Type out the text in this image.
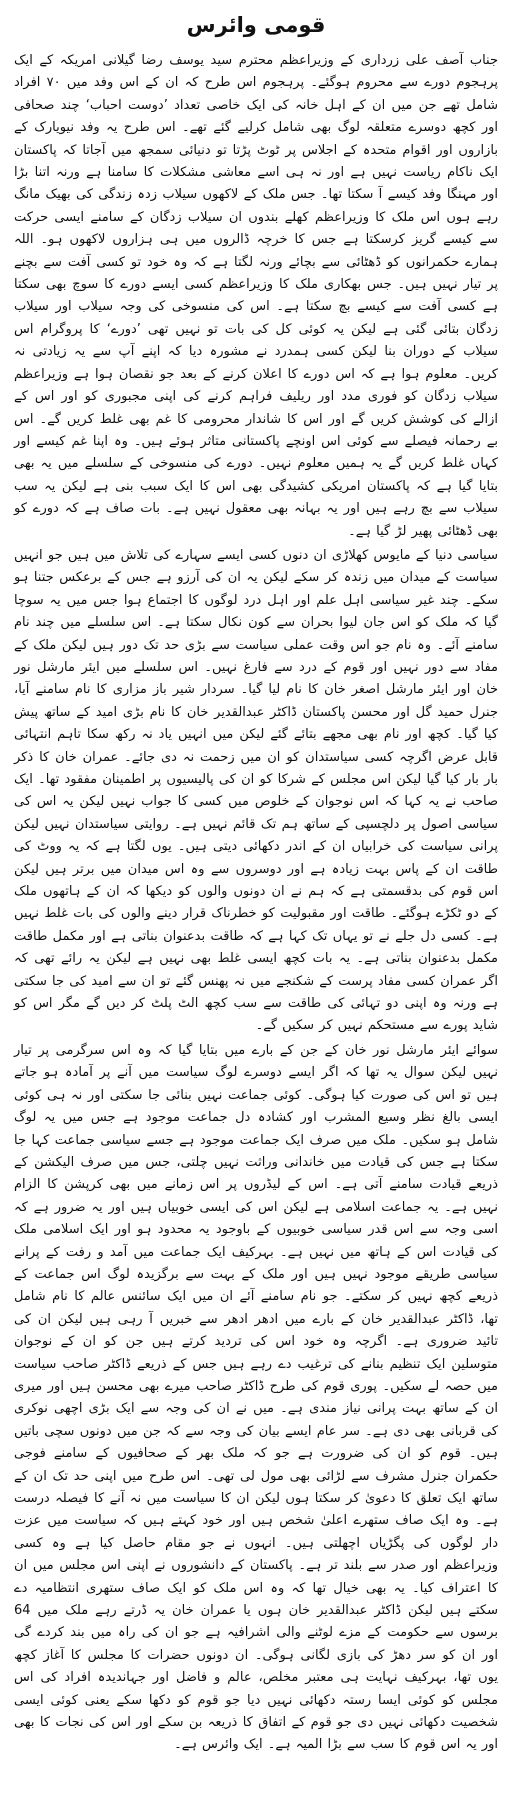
قومی وائرس

جناب آصف علی زرداری کے وزیراعظم محترم سید یوسف رضا گیلانی امریکہ کے ایک پرہجوم دورے سے محروم ہوگئے۔ پرہجوم اس طرح کہ ان کے اس وفد میں ۷۰ افراد شامل تھے جن میں ان کے اہل خانہ کی ایک خاصی تعداد ’دوست احباب‘ چند صحافی اور کچھ دوسرے متعلقہ لوگ بھی شامل کرلیے گئے تھے۔ اس طرح یہ وفد نیویارک کے بازاروں اور اقوام متحدہ کے اجلاس پر ٹوٹ پڑتا تو دنیائی سمجھ میں آجاتا کہ پاکستان ایک ناکام ریاست نہیں ہے اور نہ ہی اسے معاشی مشکلات کا سامنا ہے ورنہ اتنا بڑا اور مہنگا وفد کیسے آ سکتا تھا۔ جس ملک کے لاکھوں سیلاب زدہ زندگی کی بھیک مانگ رہے ہوں اس ملک کا وزیراعظم کھلے بندوں ان سیلاب زدگان کے سامنے ایسی حرکت سے کیسے گریز کرسکتا ہے جس کا خرچہ ڈالروں میں ہی ہزاروں لاکھوں ہو۔ اللہ ہمارے حکمرانوں کو ڈھٹائی سے بچائے ورنہ لگتا ہے کہ وہ خود تو کسی آفت سے بچنے پر تیار نہیں ہیں۔ جس بھکاری ملک کا وزیراعظم کسی ایسے دورے کا سوچ بھی سکتا ہے کسی آفت سے کیسے بچ سکتا ہے۔ اس کی منسوخی کی وجہ سیلاب اور سیلاب زدگان بتائی گئی ہے لیکن یہ کوئی کل کی بات تو نہیں تھی ’دورے‘ کا پروگرام اس سیلاب کے دوران بنا لیکن کسی ہمدرد نے مشورہ دیا کہ اپنے آپ سے یہ زیادتی نہ کریں۔ معلوم ہوا ہے کہ اس دورے کا اعلان کرنے کے بعد جو نقصان ہوا ہے وزیراعظم سیلاب زدگان کو فوری مدد اور ریلیف فراہم کرنے کی اپنی مجبوری کو اور اس کے ازالے کی کوشش کریں گے اور اس کا شاندار محرومی کا غم بھی غلط کریں گے۔ اس بے رحمانہ فیصلے سے کوئی اس اونچے پاکستانی متاثر ہوئے ہیں۔ وہ اپنا غم کیسے اور کہاں غلط کریں گے یہ ہمیں معلوم نہیں۔ دورے کی منسوخی کے سلسلے میں یہ بھی بتایا گیا ہے کہ پاکستان امریکی کشیدگی بھی اس کا ایک سبب بنی ہے لیکن یہ سب سیلاب سے بچ رہے ہیں اور یہ بہانہ بھی معقول نہیں ہے۔ بات صاف ہے کہ دورے کو بھی ڈھٹائی پھیر لڑ گیا ہے۔

سیاسی دنیا کے مایوس کھلاڑی ان دنوں کسی ایسے سہارے کی تلاش میں ہیں جو انہیں سیاست کے میدان میں زندہ کر سکے لیکن یہ ان کی آرزو ہے جس کے برعکس جتنا ہو سکے۔ چند غیر سیاسی اہل علم اور اہل درد لوگوں کا اجتماع ہوا جس میں یہ سوچا گیا کہ ملک کو اس جان لیوا بحران سے کون نکال سکتا ہے۔ اس سلسلے میں چند نام سامنے آئے۔ وہ نام جو اس وقت عملی سیاست سے بڑی حد تک دور ہیں لیکن ملک کے مفاد سے دور نہیں اور قوم کے درد سے فارغ نہیں۔ اس سلسلے میں ایئر مارشل نور خان اور ایئر مارشل اصغر خان کا نام لیا گیا۔ سردار شیر باز مزاری کا نام سامنے آیا، جنرل حمید گل اور محسن پاکستان ڈاکٹر عبدالقدیر خان کا نام بڑی امید کے ساتھ پیش کیا گیا۔ کچھ اور نام بھی مجھے بتائے گئے لیکن میں انہیں یاد نہ رکھ سکا تاہم انتہائی قابل عرض اگرچہ کسی سیاستدان کو ان میں زحمت نہ دی جائے۔ عمران خان کا ذکر بار بار کیا گیا لیکن اس مجلس کے شرکا کو ان کی پالیسیوں پر اطمینان مفقود تھا۔ ایک صاحب نے یہ کہا کہ اس نوجوان کے خلوص میں کسی کا جواب نہیں لیکن یہ اس کی سیاسی اصول پر دلچسپی کے ساتھ ہم تک قائم نہیں ہے۔ روایتی سیاستدان نہیں لیکن پرانی سیاست کی خرابیاں ان کے اندر دکھائی دیتی ہیں۔ یوں لگتا ہے کہ یہ ووٹ کی طاقت ان کے پاس بہت زیادہ ہے اور دوسروں سے وہ اس میدان میں برتر ہیں لیکن اس قوم کی بدقسمتی ہے کہ ہم نے ان دونوں والوں کو دیکھا کہ ان کے ہاتھوں ملک کے دو ٹکڑے ہوگئے۔ طاقت اور مقبولیت کو خطرناک قرار دینے والوں کی بات غلط نہیں ہے۔ کسی دل جلے نے تو یہاں تک کہا ہے کہ طاقت بدعنوان بناتی ہے اور مکمل طاقت مکمل بدعنوان بناتی ہے۔ یہ بات کچھ ایسی غلط بھی نہیں ہے لیکن یہ رائے تھی کہ اگر عمران کسی مفاد پرست کے شکنجے میں نہ پھنس گئے تو ان سے امید کی جا سکتی ہے ورنہ وہ اپنی دو تہائی کی طاقت سے سب کچھ الٹ پلٹ کر دیں گے مگر اس کو شاید پورے سے مستحکم نہیں کر سکیں گے۔

سوائے ایئر مارشل نور خان کے جن کے بارے میں بتایا گیا کہ وہ اس سرگرمی پر تیار نہیں لیکن سوال یہ تھا کہ اگر ایسے دوسرے لوگ سیاست میں آنے پر آمادہ ہو جاتے ہیں تو اس کی صورت کیا ہوگی۔ کوئی جماعت نہیں بنائی جا سکتی اور نہ ہی کوئی ایسی بالغ نظر وسیع المشرب اور کشادہ دل جماعت موجود ہے جس میں یہ لوگ شامل ہو سکیں۔ ملک میں صرف ایک جماعت موجود ہے جسے سیاسی جماعت کہا جا سکتا ہے جس کی قیادت میں خاندانی وراثت نہیں چلتی، جس میں صرف الیکشن کے ذریعے قیادت سامنے آتی ہے۔ اس کے لیڈروں پر اس زمانے میں بھی کرپشن کا الزام نہیں ہے۔ یہ جماعت اسلامی ہے لیکن اس کی ایسی خوبیاں ہیں اور یہ ضرور ہے کہ اسی وجہ سے اس قدر سیاسی خوبیوں کے باوجود یہ محدود ہو اور ایک اسلامی ملک کی قیادت اس کے ہاتھ میں نہیں ہے۔ بہرکیف ایک جماعت میں آمد و رفت کے پرانے سیاسی طریقے موجود نہیں ہیں اور ملک کے بہت سے برگزیدہ لوگ اس جماعت کے ذریعے کچھ نہیں کر سکتے۔ جو نام سامنے آئے ان میں ایک سائنس عالم کا نام شامل تھا، ڈاکٹر عبدالقدیر خان کے بارے میں ادھر ادھر سے خبریں آ رہی ہیں لیکن ان کی تائید ضروری ہے۔ اگرچہ وہ خود اس کی تردید کرتے ہیں جن کو ان کے نوجوان متوسلین ایک تنظیم بنانے کی ترغیب دے رہے ہیں جس کے ذریعے ڈاکٹر صاحب سیاست میں حصہ لے سکیں۔ پوری قوم کی طرح ڈاکٹر صاحب میرے بھی محسن ہیں اور میری ان کے ساتھ بہت پرانی نیاز مندی ہے۔ میں نے ان کی وجہ سے ایک بڑی اچھی نوکری کی قربانی بھی دی ہے۔ سر عام ایسے بیان کی وجہ سے کہ جن میں دونوں سچی باتیں ہیں۔ قوم کو ان کی ضرورت ہے جو کہ ملک بھر کے صحافیوں کے سامنے فوجی حکمران جنرل مشرف سے لڑائی بھی مول لی تھی۔ اس طرح میں اپنی حد تک ان کے ساتھ ایک تعلق کا دعویٰ کر سکتا ہوں لیکن ان کا سیاست میں نہ آنے کا فیصلہ درست ہے۔ وہ ایک صاف ستھرے اعلیٰ شخص ہیں اور خود کہتے ہیں کہ سیاست میں عزت دار لوگوں کی پگڑیاں اچھلتی ہیں۔ انہوں نے جو مقام حاصل کیا ہے وہ کسی وزیراعظم اور صدر سے بلند تر ہے۔ پاکستان کے دانشوروں نے اپنی اس مجلس میں ان کا اعتراف کیا۔ یہ بھی خیال تھا کہ وہ اس ملک کو ایک صاف ستھری انتظامیہ دے سکتے ہیں لیکن ڈاکٹر عبدالقدیر خان ہوں یا عمران خان یہ ڈرتے رہے ملک میں 64 برسوں سے حکومت کے مزے لوٹنے والی اشرافیہ ہے جو ان کی راہ میں بند کردے گی اور ان کو سر دھڑ کی بازی لگانی ہوگی۔ ان دونوں حضرات کا مجلس کا آغاز کچھ یوں تھا، بہرکیف نہایت ہی معتبر مخلص، عالم و فاضل اور جہاندیدہ افراد کی اس مجلس کو کوئی ایسا رستہ دکھائی نہیں دیا جو قوم کو دکھا سکے یعنی کوئی ایسی شخصیت دکھائی نہیں دی جو قوم کے اتفاق کا ذریعہ بن سکے اور اس کی نجات کا بھی اور یہ اس قوم کا سب سے بڑا المیہ ہے۔ ایک وائرس ہے۔
